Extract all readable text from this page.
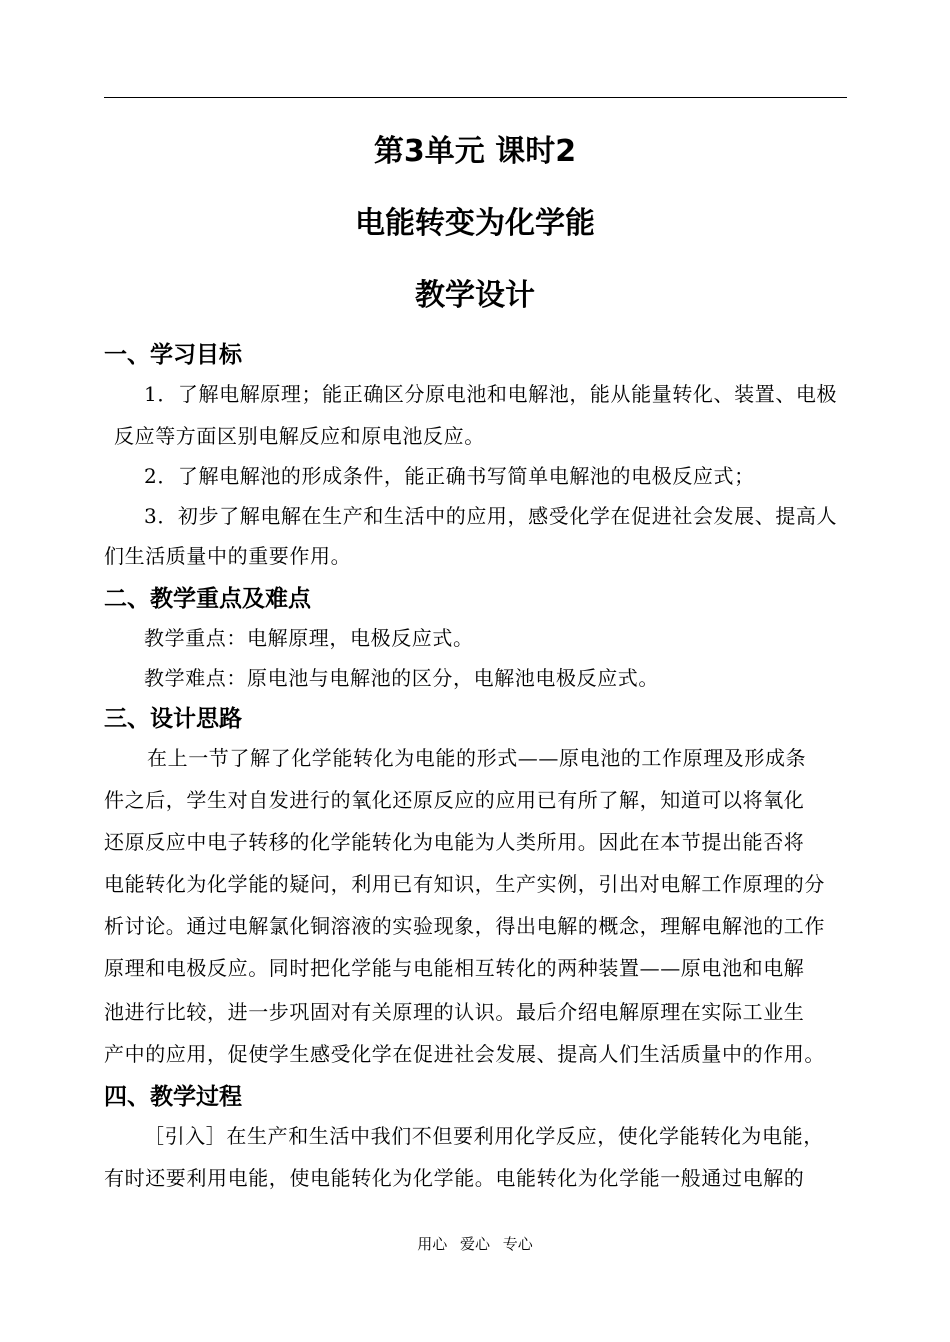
第3单元 课时2
电能转变为化学能
教学设计
一、学习目标
1．了解电解原理；能正确区分原电池和电解池，能从能量转化、装置、电极
反应等方面区别电解反应和原电池反应。
2．了解电解池的形成条件，能正确书写简单电解池的电极反应式；
3．初步了解电解在生产和生活中的应用，感受化学在促进社会发展、提高人
们生活质量中的重要作用。
二、教学重点及难点
教学重点：电解原理，电极反应式。
教学难点：原电池与电解池的区分，电解池电极反应式。
三、设计思路
在上一节了解了化学能转化为电能的形式——原电池的工作原理及形成条
件之后，学生对自发进行的氧化还原反应的应用已有所了解，知道可以将氧化
还原反应中电子转移的化学能转化为电能为人类所用。因此在本节提出能否将
电能转化为化学能的疑问，利用已有知识，生产实例，引出对电解工作原理的分
析讨论。通过电解氯化铜溶液的实验现象，得出电解的概念，理解电解池的工作
原理和电极反应。同时把化学能与电能相互转化的两种装置——原电池和电解
池进行比较，进一步巩固对有关原理的认识。最后介绍电解原理在实际工业生
产中的应用，促使学生感受化学在促进社会发展、提高人们生活质量中的作用。
四、教学过程
［引入］在生产和生活中我们不但要利用化学反应，使化学能转化为电能，
有时还要利用电能，使电能转化为化学能。电能转化为化学能一般通过电解的
用心 爱心 专心
